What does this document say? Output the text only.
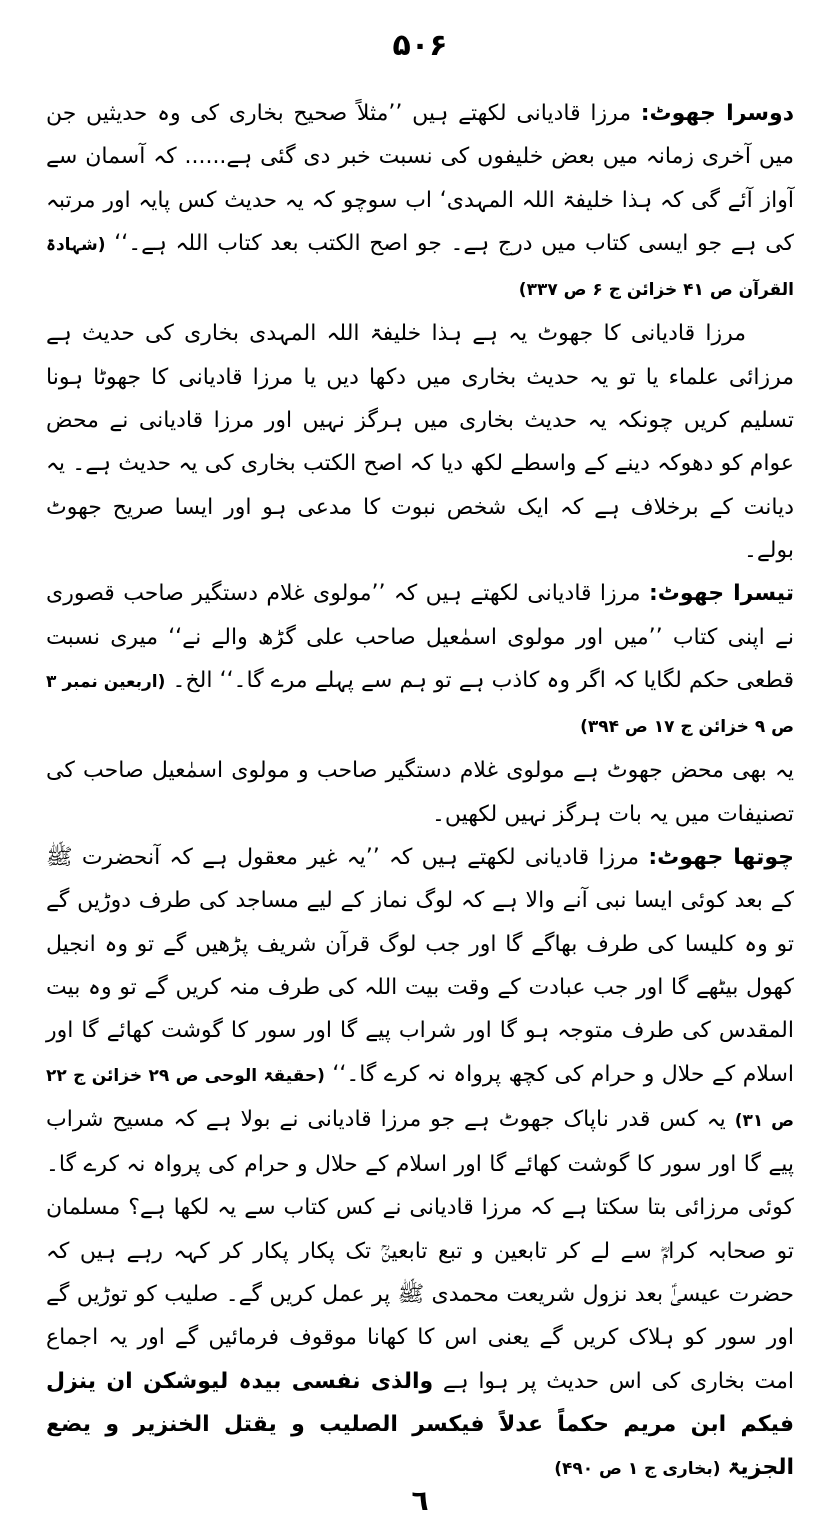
۵۰۶

دوسرا جھوٹ: مرزا قادیانی لکھتے ہیں ’’مثلاً صحیح بخاری کی وہ حدیثیں جن میں آخری زمانہ میں بعض خلیفوں کی نسبت خبر دی گئی ہے...... کہ آسمان سے آواز آئے گی کہ ہذا خلیفۃ اللہ المہدی‘ اب سوچو کہ یہ حدیث کس پایہ اور مرتبہ کی ہے جو ایسی کتاب میں درج ہے۔ جو اصح الکتب بعد کتاب اللہ ہے۔‘‘ (شہادۃ القرآن ص ۴۱ خزائن ج ۶ ص ۳۳۷)

مرزا قادیانی کا جھوٹ یہ ہے ہذا خلیفۃ اللہ المہدی بخاری کی حدیث ہے مرزائی علماء یا تو یہ حدیث بخاری میں دکھا دیں یا مرزا قادیانی کا جھوٹا ہونا تسلیم کریں چونکہ یہ حدیث بخاری میں ہرگز نہیں اور مرزا قادیانی نے محض عوام کو دھوکہ دینے کے واسطے لکھ دیا کہ اصح الکتب بخاری کی یہ حدیث ہے۔ یہ دیانت کے برخلاف ہے کہ ایک شخص نبوت کا مدعی ہو اور ایسا صریح جھوٹ بولے۔

تیسرا جھوٹ: مرزا قادیانی لکھتے ہیں کہ ’’مولوی غلام دستگیر صاحب قصوری نے اپنی کتاب ’’میں اور مولوی اسمٰعیل صاحب علی گڑھ والے نے‘‘ میری نسبت قطعی حکم لگایا کہ اگر وہ کاذب ہے تو ہم سے پہلے مرے گا۔‘‘ الخ۔ (اربعین نمبر ۳ ص ۹ خزائن ج ۱۷ ص ۳۹۴)

یہ بھی محض جھوٹ ہے مولوی غلام دستگیر صاحب و مولوی اسمٰعیل صاحب کی تصنیفات میں یہ بات ہرگز نہیں لکھیں۔

چوتھا جھوٹ: مرزا قادیانی لکھتے ہیں کہ ’’یہ غیر معقول ہے کہ آنحضرت ﷺ کے بعد کوئی ایسا نبی آنے والا ہے کہ لوگ نماز کے لیے مساجد کی طرف دوڑیں گے تو وہ کلیسا کی طرف بھاگے گا اور جب لوگ قرآن شریف پڑھیں گے تو وہ انجیل کھول بیٹھے گا اور جب عبادت کے وقت بیت اللہ کی طرف منہ کریں گے تو وہ بیت المقدس کی طرف متوجہ ہو گا اور شراب پیے گا اور سور کا گوشت کھائے گا اور اسلام کے حلال و حرام کی کچھ پرواہ نہ کرے گا۔‘‘ (حقیقۃ الوحی ص ۲۹ خزائن ج ۲۲ ص ۳۱) یہ کس قدر ناپاک جھوٹ ہے جو مرزا قادیانی نے بولا ہے کہ مسیح شراب پیے گا اور سور کا گوشت کھائے گا اور اسلام کے حلال و حرام کی پرواہ نہ کرے گا۔ کوئی مرزائی بتا سکتا ہے کہ مرزا قادیانی نے کس کتاب سے یہ لکھا ہے؟ مسلمان تو صحابہ کرامؓ سے لے کر تابعین و تبع تابعینؒ تک پکار پکار کر کہہ رہے ہیں کہ حضرت عیسیٰؑ بعد نزول شریعت محمدی ﷺ پر عمل کریں گے۔ صلیب کو توڑیں گے اور سور کو ہلاک کریں گے یعنی اس کا کھانا موقوف فرمائیں گے اور یہ اجماع امت بخاری کی اس حدیث پر ہوا ہے والذی نفسی بیدہ لیوشکن ان ینزل فیکم ابن مریم حکماً عدلاً فیکسر الصلیب و یقتل الخنزیر و یضع الجزیۃ (بخاری ج ۱ ص ۴۹۰)

٦
